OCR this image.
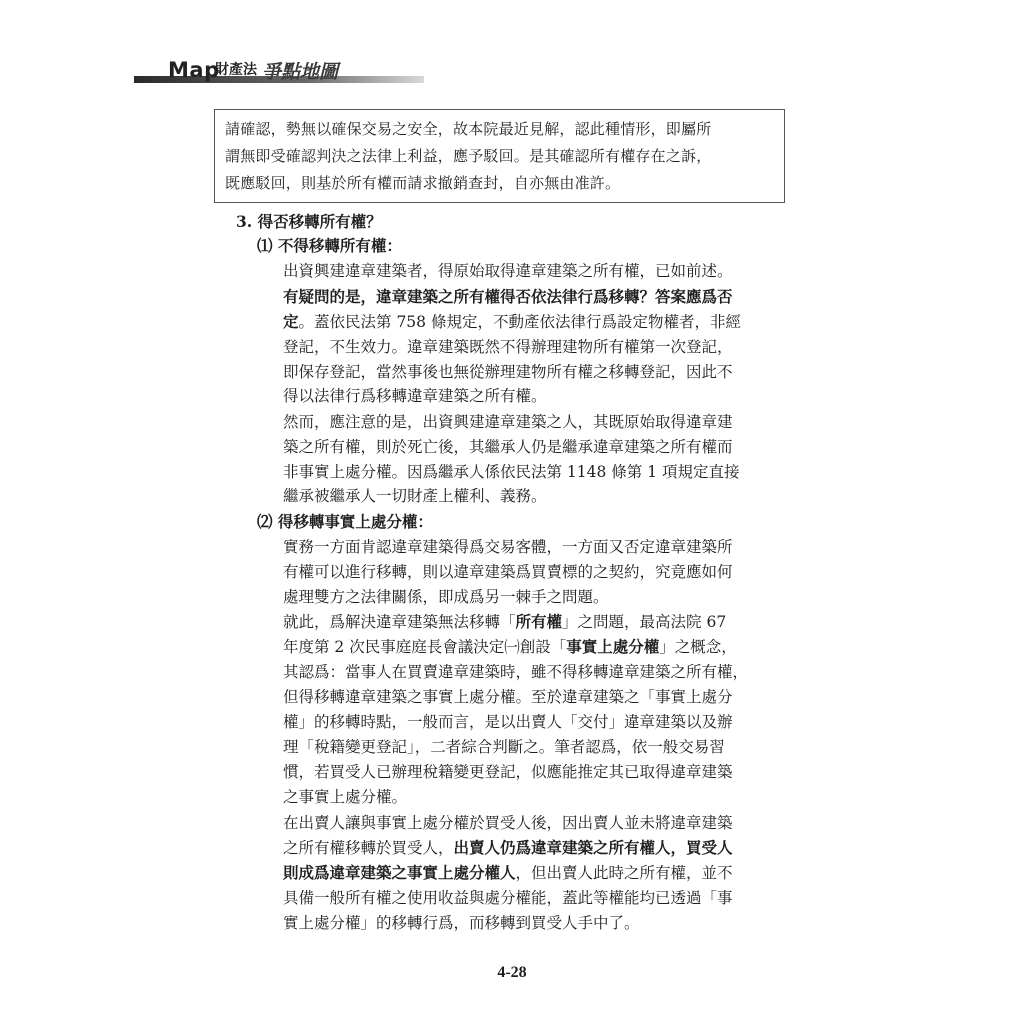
Map
財產法 爭點地圖

請確認，勢無以確保交易之安全，故本院最近見解，認此種情形，即屬所

謂無即受確認判決之法律上利益，應予駁回。是其確認所有權存在之訴，

既應駁回，則基於所有權而請求撤銷查封，自亦無由准許。

3. 得否移轉所有權？
⑴ 不得移轉所有權：
出資興建違章建築者，得原始取得違章建築之所有權，已如前述。
有疑問的是，違章建築之所有權得否依法律行爲移轉？答案應爲否
定。蓋依民法第 758 條規定，不動產依法律行爲設定物權者，非經
登記，不生效力。違章建築既然不得辦理建物所有權第一次登記，
即保存登記，當然事後也無從辦理建物所有權之移轉登記，因此不
得以法律行爲移轉違章建築之所有權。
然而，應注意的是，出資興建違章建築之人，其既原始取得違章建
築之所有權，則於死亡後，其繼承人仍是繼承違章建築之所有權而
非事實上處分權。因爲繼承人係依民法第 1148 條第 1 項規定直接
繼承被繼承人一切財產上權利、義務。
⑵ 得移轉事實上處分權：
實務一方面肯認違章建築得爲交易客體，一方面又否定違章建築所
有權可以進行移轉，則以違章建築爲買賣標的之契約，究竟應如何
處理雙方之法律關係，即成爲另一棘手之問題。
就此，爲解決違章建築無法移轉「所有權」之問題，最高法院 67
年度第 2 次民事庭庭長會議決定㈠創設「事實上處分權」之概念，
其認爲：當事人在買賣違章建築時，雖不得移轉違章建築之所有權，
但得移轉違章建築之事實上處分權。至於違章建築之「事實上處分
權」的移轉時點，一般而言，是以出賣人「交付」違章建築以及辦
理「稅籍變更登記」，二者綜合判斷之。筆者認爲，依一般交易習
慣，若買受人已辦理稅籍變更登記，似應能推定其已取得違章建築
之事實上處分權。
在出賣人讓與事實上處分權於買受人後，因出賣人並未將違章建築
之所有權移轉於買受人，出賣人仍爲違章建築之所有權人，買受人
則成爲違章建築之事實上處分權人，但出賣人此時之所有權，並不
具備一般所有權之使用收益與處分權能，蓋此等權能均已透過「事
實上處分權」的移轉行爲，而移轉到買受人手中了。
4-28
